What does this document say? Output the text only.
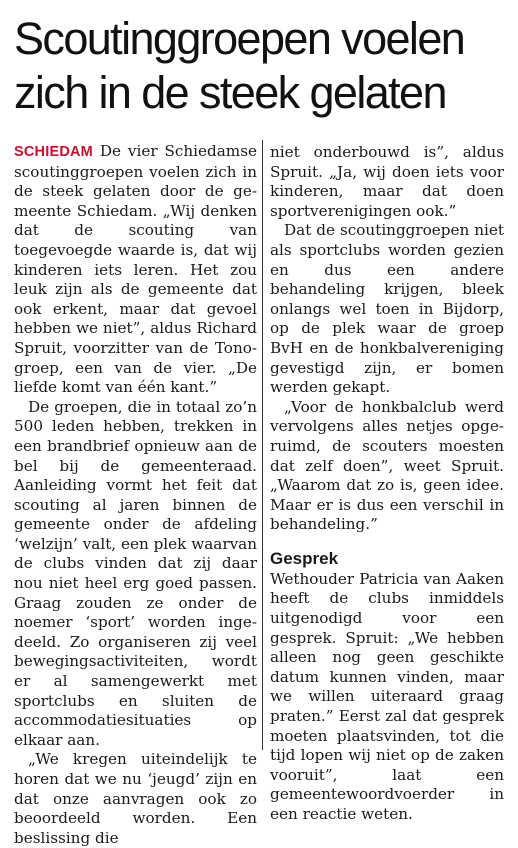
Scoutinggroepen voelen zich in de steek gelaten

SCHIEDAM De vier Schiedamse scoutinggroepen voelen zich in de steek gelaten door de gemeente Schiedam. „Wij denken dat de scouting van toegevoegde waarde is, dat wij kinderen iets leren. Het zou leuk zijn als de gemeente dat ook erkent, maar dat gevoel hebben we niet”, aldus Richard Spruit, voorzitter van de Tono-groep, een van de vier. „De liefde komt van één kant.”

De groepen, die in totaal zo’n 500 leden hebben, trekken in een brandbrief opnieuw aan de bel bij de gemeenteraad. Aanleiding vormt het feit dat scouting al jaren binnen de gemeente onder de afdeling ‘welzijn’ valt, een plek waarvan de clubs vinden dat zij daar nou niet heel erg goed passen. Graag zouden ze onder de noemer ‘sport’ worden ingedeeld. Zo organiseren zij veel bewegingsactiviteiten, wordt er al samengewerkt met sportclubs en sluiten de accommodatiesituaties op elkaar aan.

„We kregen uiteindelijk te horen dat we nu ‘jeugd’ zijn en dat onze aanvragen ook zo beoordeeld worden. Een beslissing die

niet onderbouwd is”, aldus Spruit. „Ja, wij doen iets voor kinderen, maar dat doen sportverenigingen ook.”

Dat de scoutinggroepen niet als sportclubs worden gezien en dus een andere behandeling krijgen, bleek onlangs wel toen in Bijdorp, op de plek waar de groep BvH en de honkbalvereniging gevestigd zijn, er bomen werden gekapt.

„Voor de honkbalclub werd vervolgens alles netjes opgeruimd, de scouters moesten dat zelf doen”, weet Spruit. „Waarom dat zo is, geen idee. Maar er is dus een verschil in behandeling.”

Gesprek

Wethouder Patricia van Aaken heeft de clubs inmiddels uitgenodigd voor een gesprek. Spruit: „We hebben alleen nog geen geschikte datum kunnen vinden, maar we willen uiteraard graag praten.” Eerst zal dat gesprek moeten plaatsvinden, tot die tijd lopen wij niet op de zaken vooruit”, laat een gemeentewoordvoerder in een reactie weten.
